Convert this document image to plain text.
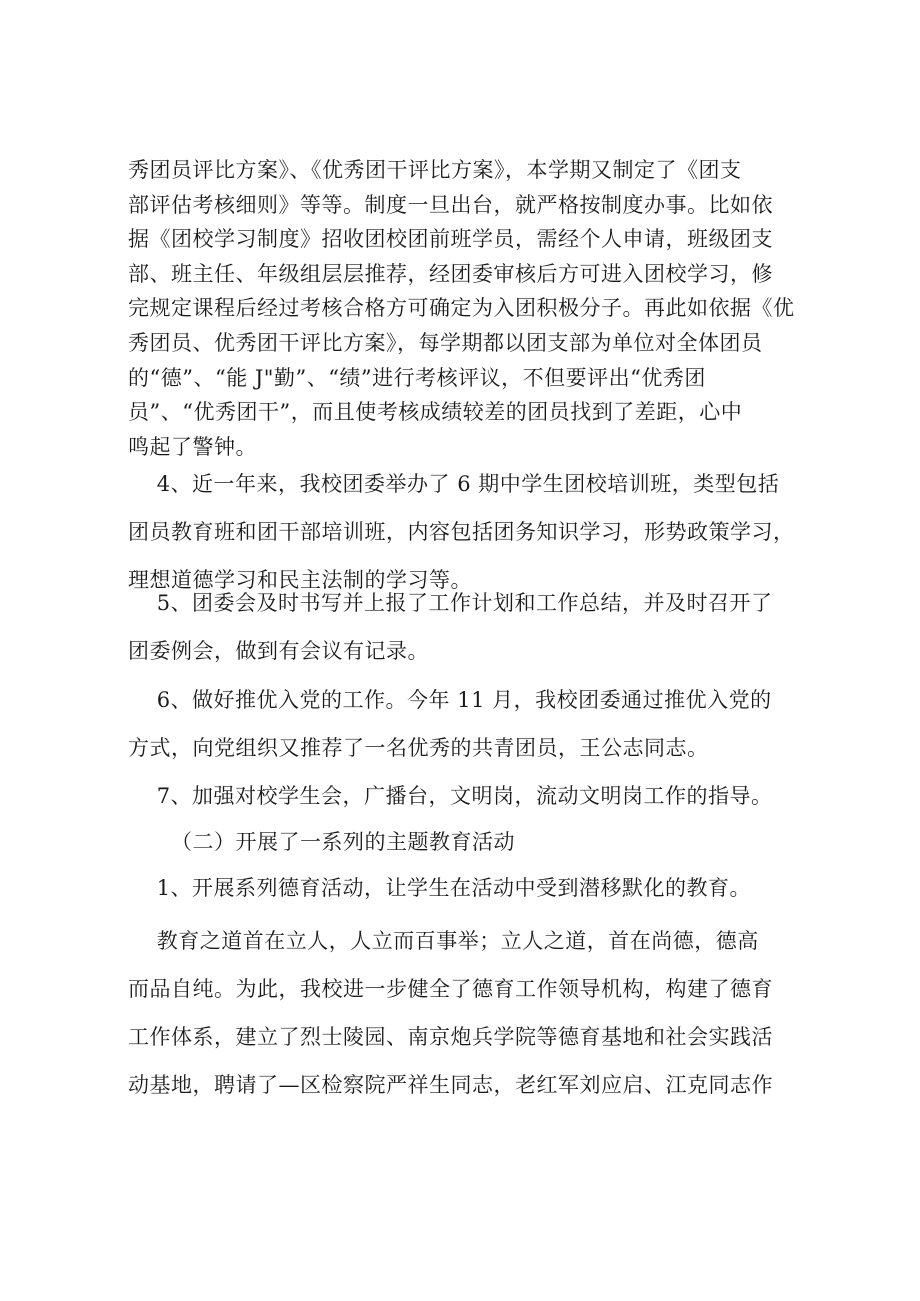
秀团员评比方案》、《优秀团干评比方案》，本学期又制定了《团支
部评估考核细则》等等。制度一旦出台，就严格按制度办事。比如依
据《团校学习制度》招收团校团前班学员，需经个人申请，班级团支
部、班主任、年级组层层推荐，经团委审核后方可进入团校学习，修
完规定课程后经过考核合格方可确定为入团积极分子。再此如依据《优
秀团员、优秀团干评比方案》，每学期都以团支部为单位对全体团员
的“德”、“能 J"勤”、“绩”进行考核评议，不但要评出“优秀团
员”、“优秀团干”，而且使考核成绩较差的团员找到了差距，心中
鸣起了警钟。
4、近一年来，我校团委举办了 6 期中学生团校培训班，类型包括
团员教育班和团干部培训班，内容包括团务知识学习，形势政策学习，
理想道德学习和民主法制的学习等。
5、团委会及时书写并上报了工作计划和工作总结，并及时召开了
团委例会，做到有会议有记录。
6、做好推优入党的工作。今年 11 月，我校团委通过推优入党的
方式，向党组织又推荐了一名优秀的共青团员，王公志同志。
7、加强对校学生会，广播台，文明岗，流动文明岗工作的指导。
（二）开展了一系列的主题教育活动
1、开展系列德育活动，让学生在活动中受到潜移默化的教育。
教育之道首在立人，人立而百事举；立人之道，首在尚德，德高
而品自纯。为此，我校进一步健全了德育工作领导机构，构建了德育
工作体系，建立了烈士陵园、南京炮兵学院等德育基地和社会实践活
动基地，聘请了—区检察院严祥生同志，老红军刘应启、江克同志作
